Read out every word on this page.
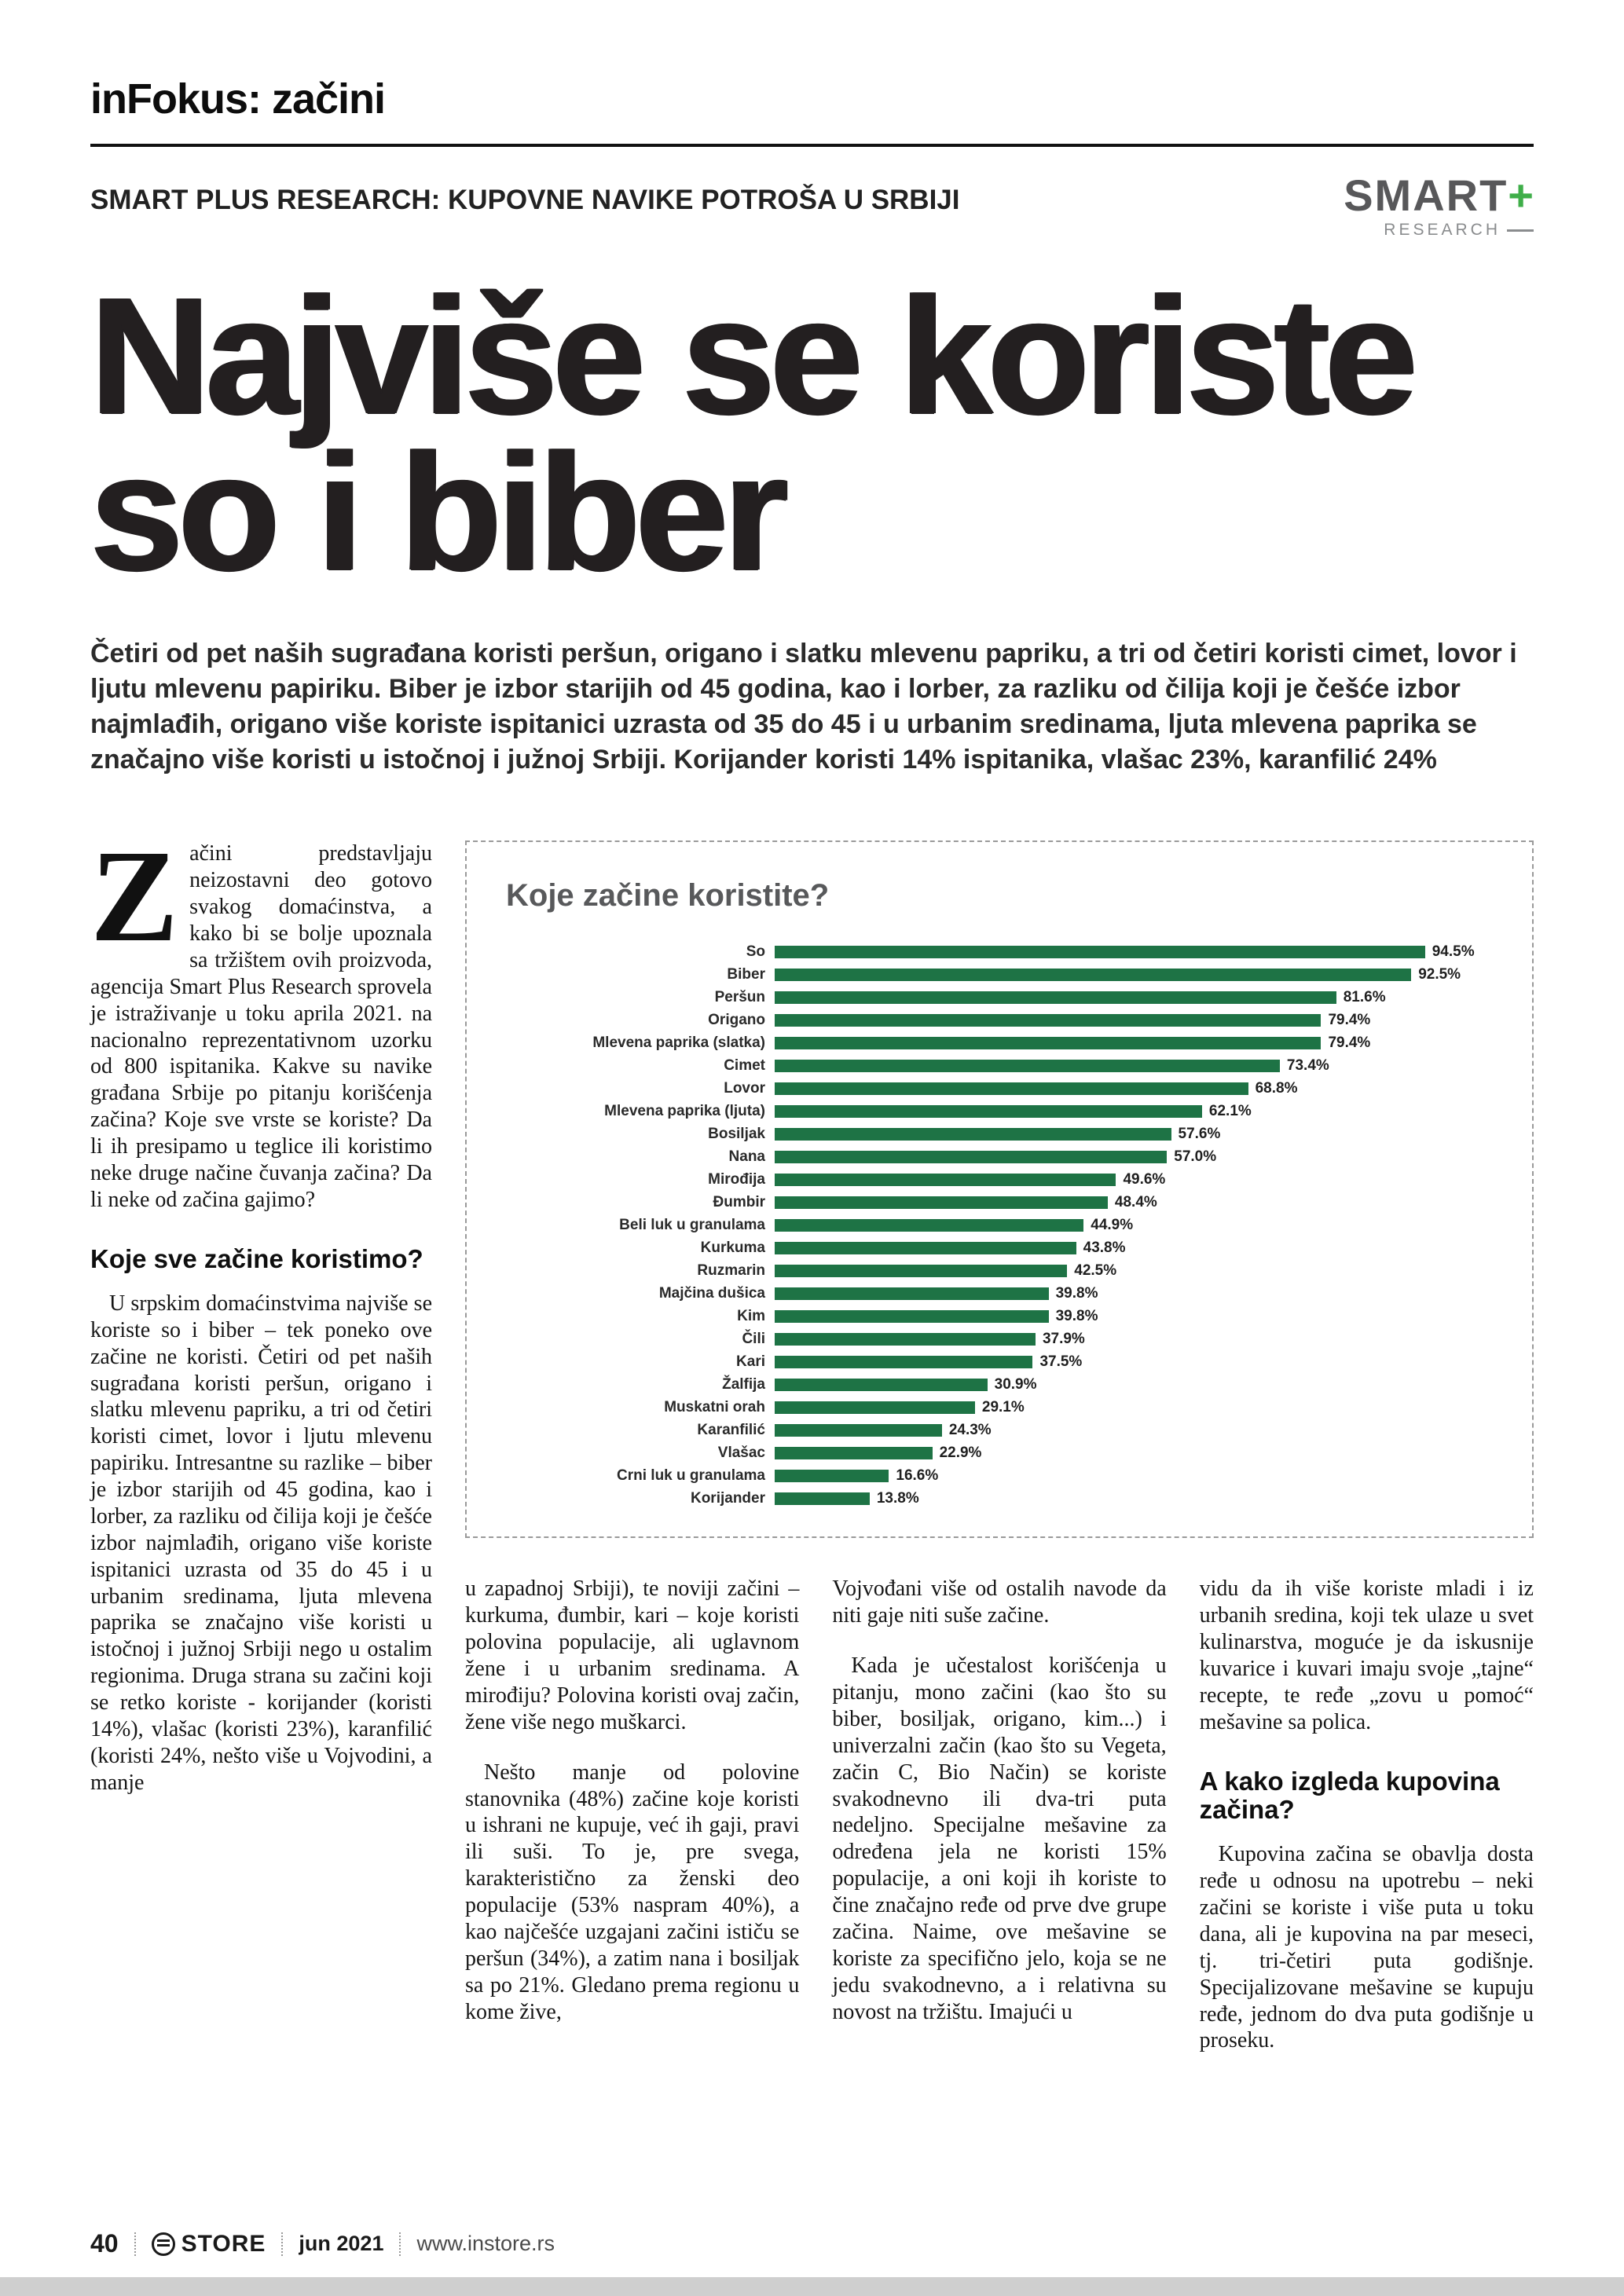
inFokus: začini
SMART PLUS RESEARCH: KUPOVNE NAVIKE POTROŠA U SRBIJI	SMART+
RESEARCH
Najviše se koriste
so i biber

Četiri od pet naših sugrađana koristi peršun, origano i slatku mlevenu papriku, a tri od četiri koristi cimet, lovor i ljutu mlevenu papiriku. Biber je izbor starijih od 45 godina, kao i lorber, za razliku od čilija koji je češće izbor najmlađih, origano više koriste ispitanici uzrasta od 35 do 45 i u urbanim sredinama, ljuta mlevena paprika se značajno više koristi u istočnoj i južnoj Srbiji. Korijander koristi 14% ispitanika, vlašac 23%, karanfilić 24%

Začini predstavljaju neizostavni deo gotovo svakog domaćinstva, a kako bi se bolje upoznala sa tržištem ovih proizvoda, agencija Smart Plus Research sprovela je istraživanje u toku aprila 2021. na nacionalno reprezentativnom uzorku od 800 ispitanika. Kakve su navike građana Srbije po pitanju korišćenja začina? Koje sve vrste se koriste? Da li ih presipamo u teglice ili koristimo neke druge načine čuvanja začina? Da li neke od začina gajimo?

Koje sve začine koristimo?

U srpskim domaćinstvima najviše se koriste so i biber – tek poneko ove začine ne koristi. Četiri od pet naših sugrađana koristi peršun, origano i slatku mlevenu papriku, a tri od četiri koristi cimet, lovor i ljutu mlevenu papiriku. Intresantne su razlike – biber je izbor starijih od 45 godina, kao i lorber, za razliku od čilija koji je češće izbor najmlađih, origano više koriste ispitanici uzrasta od 35 do 45 i u urbanim sredinama, ljuta mlevena paprika se značajno više koristi u istočnoj i južnoj Srbiji nego u ostalim regionima. Druga strana su začini koji se retko koriste - korijander (koristi 14%), vlašac (koristi 23%), karanfilić (koristi 24%, nešto više u Vojvodini, a manje

Koje začine koristite?
So	94.5%
Biber	92.5%
Peršun	81.6%
Origano	79.4%
Mlevena paprika (slatka)	79.4%
Cimet	73.4%
Lovor	68.8%
Mlevena paprika (ljuta)	62.1%
Bosiljak	57.6%
Nana	57.0%
Mirođija	49.6%
Đumbir	48.4%
Beli luk u granulama	44.9%
Kurkuma	43.8%
Ruzmarin	42.5%
Majčina dušica	39.8%
Kim	39.8%
Čili	37.9%
Kari	37.5%
Žalfija	30.9%
Muskatni orah	29.1%
Karanfilić	24.3%
Vlašac	22.9%
Crni luk u granulama	16.6%
Korijander	13.8%

u zapadnoj Srbiji), te noviji začini – kurkuma, đumbir, kari – koje koristi polovina populacije, ali uglavnom žene i u urbanim sredinama. A mirođiju? Polovina koristi ovaj začin, žene više nego muškarci.

Nešto manje od polovine stanovnika (48%) začine koje koristi u ishrani ne kupuje, već ih gaji, pravi ili suši. To je, pre svega, karakteristično za ženski deo populacije (53% naspram 40%), a kao najčešće uzgajani začini ističu se peršun (34%), a zatim nana i bosiljak sa po 21%. Gledano prema regionu u kome žive,

Vojvođani više od ostalih navode da niti gaje niti suše začine.

Kada je učestalost korišćenja u pitanju, mono začini (kao što su biber, bosiljak, origano, kim...) i univerzalni začin (kao što su Vegeta, začin C, Bio Način) se koriste svakodnevno ili dva-tri puta nedeljno. Specijalne mešavine za određena jela ne koristi 15% populacije, a oni koji ih koriste to čine značajno ređe od prve dve grupe začina. Naime, ove mešavine se koriste za specifično jelo, koja se ne jedu svakodnevno, a i relativna su novost na tržištu. Imajući u

vidu da ih više koriste mladi i iz urbanih sredina, koji tek ulaze u svet kulinarstva, moguće je da iskusnije kuvarice i kuvari imaju svoje „tajne“ recepte, te ređe „zovu u pomoć“ mešavine sa polica.

A kako izgleda kupovina začina?

Kupovina začina se obavlja dosta ređe u odnosu na upotrebu – neki začini se koriste i više puta u toku dana, ali je kupovina na par meseci, tj. tri-četiri puta godišnje. Specijalizovane mešavine se kupuju ređe, jednom do dva puta godišnje u proseku.

40	STORE jun 2021 www.instore.rs
